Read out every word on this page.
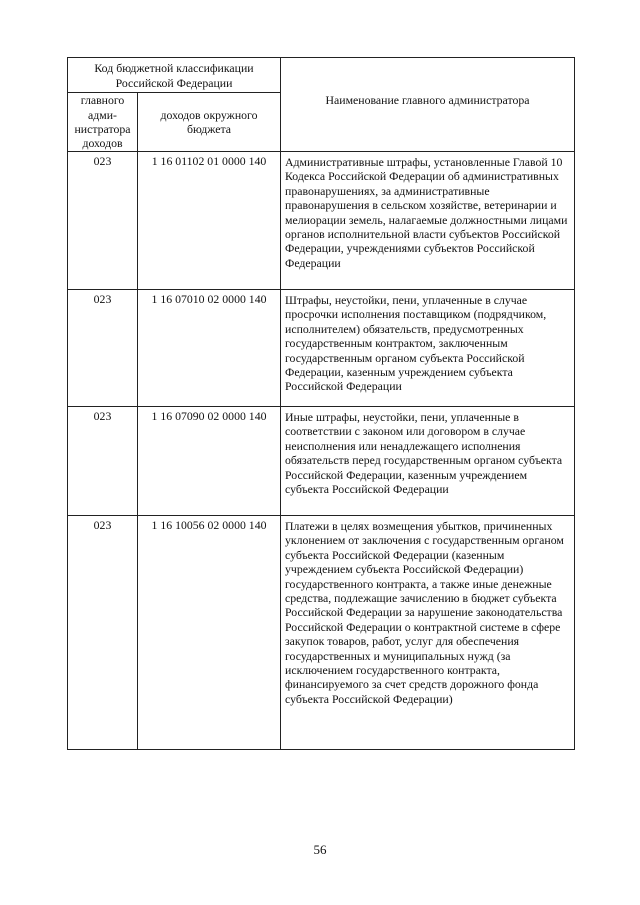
Код бюджетной классификации Российской Федерации		Наименование главного администратора
главного адми-нистратора доходов	доходов окружного бюджета	
023	1 16 01102 01 0000 140	Административные штрафы, установленные Главой 10 Кодекса Российской Федерации об административных правонарушениях, за административные правонарушения в сельском хозяйстве, ветеринарии и мелиорации земель, налагаемые должностными лицами органов исполнительной власти субъектов Российской Федерации, учреждениями субъектов Российской Федерации
023	1 16 07010 02 0000 140	Штрафы, неустойки, пени, уплаченные в случае просрочки исполнения поставщиком (подрядчиком, исполнителем) обязательств, предусмотренных государственным контрактом, заключенным государственным органом субъекта Российской Федерации, казенным учреждением субъекта Российской Федерации
023	1 16 07090 02 0000 140	Иные штрафы, неустойки, пени, уплаченные в соответствии с законом или договором в случае неисполнения или ненадлежащего исполнения обязательств перед государственным органом субъекта Российской Федерации, казенным учреждением субъекта Российской Федерации
023	1 16 10056 02 0000 140	Платежи в целях возмещения убытков, причиненных уклонением от заключения с государственным органом субъекта Российской Федерации (казенным учреждением субъекта Российской Федерации) государственного контракта, а также иные денежные средства, подлежащие зачислению в бюджет субъекта Российской Федерации за нарушение законодательства Российской Федерации о контрактной системе в сфере закупок товаров, работ, услуг для обеспечения государственных и муниципальных нужд (за исключением государственного контракта, финансируемого за счет средств дорожного фонда субъекта Российской Федерации)
56
